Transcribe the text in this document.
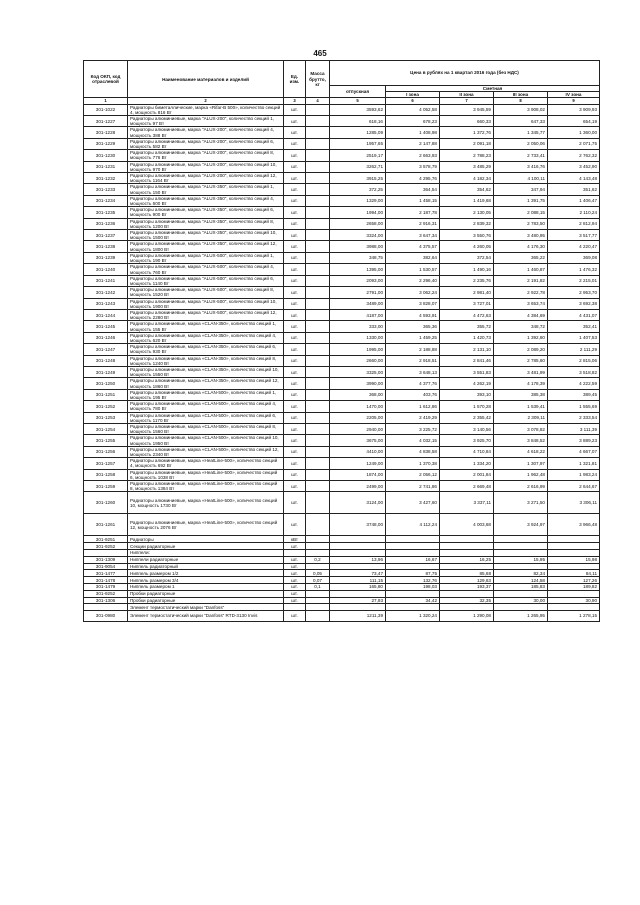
465
Код ОКП, код отраслевой	Наименование материалов и изделий	Ед. изм.	Масса брутто, кг	Цена в рублях на 1 квартал 2016 года (без НДС)				
				отпускная	Сметная			
					I зона	II зона	III зона	IV зона
1	2	3	4	5	6	7	8	9
301-1022	Радиаторы биметаллические, марка «Rifar-B 500», количество секций 4, мощность 816 Вт	шт.		3593,62	4 052,58	3 945,59	3 908,02	3 909,93
301-1227	Радиаторы алюминиевые, марка "ALUX-200", количество секций 1, мощность 97 Вт	шт.		618,16	678,23	660,33	647,33	654,19
301-1228	Радиаторы алюминиевые, марка "ALUX-200", количество секций 4, мощность 388 Вт	шт.		1285,09	1 408,98	1 372,76	1 345,77	1 360,00
301-1229	Радиаторы алюминиевые, марка "ALUX-200", количество секций 6, мощность 582 Вт	шт.		1957,65	2 147,88	2 091,18	2 050,06	2 071,75
301-1230	Радиаторы алюминиевые, марка "ALUX-200", количество секций 8, мощность 776 Вт	шт.		2519,17	2 663,93	2 788,23	2 733,41	2 762,32
301-1231	Радиаторы алюминиевые, марка "ALUX-200", количество секций 10, мощность 970 Вт	шт.		3262,71	3 578,79	3 485,29	3 416,76	3 452,90
301-1232	Радиаторы алюминиевые, марка "ALUX-200", количество секций 12, мощность 1164 Вт	шт.		3915,25	4 295,76	4 182,34	4 100,11	4 143,48
301-1233	Радиаторы алюминиевые, марка "ALUX-350", количество секций 1, мощность 150 Вт	шт.		372,25	364,54	354,62	347,94	351,62
301-1234	Радиаторы алюминиевые, марка "ALUX-350", количество секций 4, мощность 600 Вт	шт.		1329,00	1 458,15	1 419,68	1 391,75	1 406,47
301-1235	Радиаторы алюминиевые, марка "ALUX-350", количество секций 6, мощность 900 Вт	шт.		1994,00	2 187,78	2 130,05	2 088,15	2 110,24
301-1236	Радиаторы алюминиевые, марка "ALUX-350", количество секций 8, мощность 1200 Вт	шт.		2658,00	2 916,31	2 839,32	2 783,50	2 812,94
301-1237	Радиаторы алюминиевые, марка "ALUX-350", количество секций 10, мощность 1500 Вт	шт.		3324,00	3 647,34	3 550,76	3 480,95	3 517,77
301-1238	Радиаторы алюминиевые, марка "ALUX-350", количество секций 12, мощность 1800 Вт	шт.		3988,00	4 375,57	4 260,05	4 176,30	4 220,47
301-1239	Радиаторы алюминиевые, марка "ALUX-500", количество секций 1, мощность 190 Вт	шт.		348,75	382,64	372,54	365,22	369,08
301-1240	Радиаторы алюминиевые, марка "ALUX-500", количество секций 4, мощность 760 Вт	шт.		1395,00	1 530,57	1 490,16	1 460,87	1 476,32
301-1241	Радиаторы алюминиевые, марка "ALUX-500", количество секций 6, мощность 1140 Вт	шт.		2093,00	2 296,40	2 235,76	2 191,82	2 215,01
301-1242	Радиаторы алюминиевые, марка "ALUX-500", количество секций 8, мощность 1520 Вт	шт.		2791,00	3 062,24	2 981,40	2 922,78	2 953,70
301-1243	Радиаторы алюминиевые, марка "ALUX-500", количество секций 10, мощность 1900 Вт	шт.		3489,00	3 828,07	3 727,01	3 653,74	3 692,38
301-1244	Радиаторы алюминиевые, марка "ALUX-500", количество секций 12, мощность 2280 Вт	шт.		4187,00	4 593,91	4 472,63	4 384,69	4 431,07
301-1245	Радиаторы алюминиевые, марка «CLAN-350», количество секций 1, мощность 155 Вт	шт.		333,00	365,36	355,72	348,72	352,41
301-1246	Радиаторы алюминиевые, марка «CLAN-350», количество секций 4, мощность 620 Вт	шт.		1330,00	1 459,25	1 420,73	1 392,80	1 407,53
301-1247	Радиаторы алюминиевые, марка «CLAN-350», количество секций 6, мощность 930 Вт	шт.		1995,00	2 188,88	2 131,10	2 089,20	2 111,29
301-1248	Радиаторы алюминиевые, марка «CLAN-350», количество секций 8, мощность 1240 Вт	шт.		2660,00	2 918,51	2 841,46	2 785,60	2 815,06
301-1249	Радиаторы алюминиевые, марка «CLAN-350», количество секций 10, мощность 1550 Вт	шт.		3325,00	3 648,13	3 551,83	3 481,99	3 518,82
301-1250	Радиаторы алюминиевые, марка «CLAN-350», количество секций 12, мощность 1860 Вт	шт.		3990,00	4 377,76	4 262,19	4 178,39	4 222,59
301-1251	Радиаторы алюминиевые, марка «CLAN-500», количество секций 1, мощность 195 Вт	шт.		368,00	403,76	393,10	385,38	389,45
301-1252	Радиаторы алюминиевые, марка «CLAN-500», количество секций 4, мощность 780 Вт	шт.		1470,00	1 612,86	1 570,28	1 539,41	1 555,69
301-1253	Радиаторы алюминиевые, марка «CLAN-500», количество секций 6, мощность 1170 Вт	шт.		2205,00	2 419,29	2 355,42	2 309,11	2 333,54
301-1254	Радиаторы алюминиевые, марка «CLAN-500», количество секций 8, мощность 1560 Вт	шт.		2940,00	3 225,72	3 140,56	3 078,82	3 111,39
301-1255	Радиаторы алюминиевые, марка «CLAN-500», количество секций 10, мощность 1950 Вт	шт.		3675,00	4 032,15	3 925,70	3 848,52	3 889,23
301-1256	Радиаторы алюминиевые, марка «CLAN-500», количество секций 12, мощность 2340 Вт	шт.		4410,00	4 838,58	4 710,84	4 618,22	4 667,07
301-1257	Радиаторы алюминиевые, марка «HeatLine-500», количество секций 4, мощность 692 Вт	шт.		1249,00	1 370,38	1 334,20	1 307,97	1 321,81
301-1258	Радиаторы алюминиевые, марка «HeatLine-500», количество секций 6, мощность 1038 Вт	шт.		1874,00	2 056,12	2 001,84	1 962,48	1 983,24
301-1259	Радиаторы алюминиевые, марка «HeatLine-500», количество секций 8, мощность 1384 Вт	шт.		2499,00	2 741,86	2 669,48	2 616,99	2 644,67
301-1260	Радиаторы алюминиевые, марка «HeatLine-500», количество секций 10, мощность 1730 Вт	шт.		3124,00	3 427,60	3 337,11	3 271,50	3 306,11
301-1261	Радиаторы алюминиевые, марка «HeatLine-500», количество секций 12, мощность 2076 Вт	шт.		3748,00	4 112,24	4 003,68	3 924,97	3 966,48
301-9251	Радиаторы	кВт						
301-9252	Секции радиаторные	шт.						
	Ниппели:							
301-1309	Ниппели радиаторные	шт.	0,2	13,96	16,67	16,25	15,95	15,98
301-9054	Ниппель радиаторный	шт.						
301-1477	Ниппель размером 1/2	шт.	0,05	73,47	87,75	85,68	82,34	84,11
301-1478	Ниппель размером 3/4	шт.	0,07	111,15	132,76	129,63	124,58	127,26
301-1479	Ниппель размером 1	шт.	0,1	165,80	198,03	193,37	185,83	189,82
301-9252	Пробки радиаторные	шт.						
301-1306	Пробки радиаторные	шт.		27,93	34,42	32,35	30,00	30,90
	Элемент термостатический марки "Danfoss"							
301-0980	Элемент термостатический марки "Danfoss" RTD-3130 Invis	шт.		1211,39	1 320,24	1 290,08	1 265,95	1 278,15
